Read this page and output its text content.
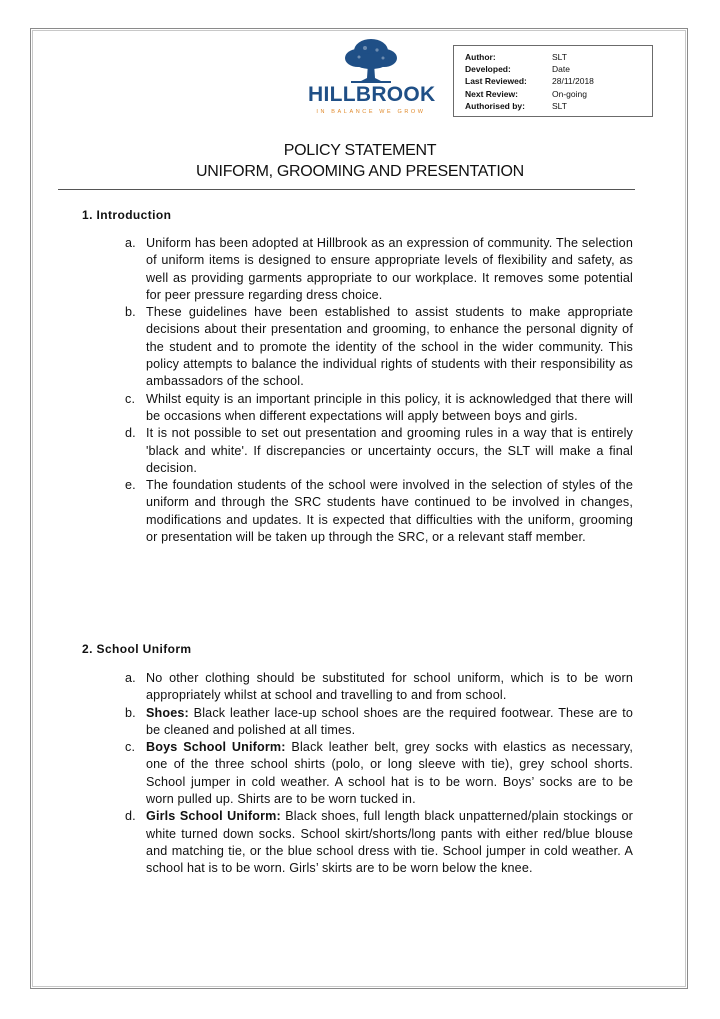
HILLBROOK
IN BALANCE WE GROW
Author:	SLT
Developed:	Date
Last Reviewed:	28/11/2018
Next Review:	On-going
Authorised by:	SLT
POLICY STATEMENT
UNIFORM, GROOMING AND PRESENTATION
1. Introduction
a. Uniform has been adopted at Hillbrook as an expression of community. The selection of uniform items is designed to ensure appropriate levels of flexibility and safety, as well as providing garments appropriate to our workplace. It removes some potential for peer pressure regarding dress choice.
b. These guidelines have been established to assist students to make appropriate decisions about their presentation and grooming, to enhance the personal dignity of the student and to promote the identity of the school in the wider community. This policy attempts to balance the individual rights of students with their responsibility as ambassadors of the school.
c. Whilst equity is an important principle in this policy, it is acknowledged that there will be occasions when different expectations will apply between boys and girls.
d. It is not possible to set out presentation and grooming rules in a way that is entirely 'black and white'. If discrepancies or uncertainty occurs, the SLT will make a final decision.
e. The foundation students of the school were involved in the selection of styles of the uniform and through the SRC students have continued to be involved in changes, modifications and updates. It is expected that difficulties with the uniform, grooming or presentation will be taken up through the SRC, or a relevant staff member.
2. School Uniform
a. No other clothing should be substituted for school uniform, which is to be worn appropriately whilst at school and travelling to and from school.
b. Shoes: Black leather lace-up school shoes are the required footwear. These are to be cleaned and polished at all times.
c. Boys School Uniform: Black leather belt, grey socks with elastics as necessary, one of the three school shirts (polo, or long sleeve with tie), grey school shorts. School jumper in cold weather. A school hat is to be worn. Boys’ socks are to be worn pulled up. Shirts are to be worn tucked in.
d. Girls School Uniform: Black shoes, full length black unpatterned/plain stockings or white turned down socks. School skirt/shorts/long pants with either red/blue blouse and matching tie, or the blue school dress with tie. School jumper in cold weather. A school hat is to be worn. Girls’ skirts are to be worn below the knee.
